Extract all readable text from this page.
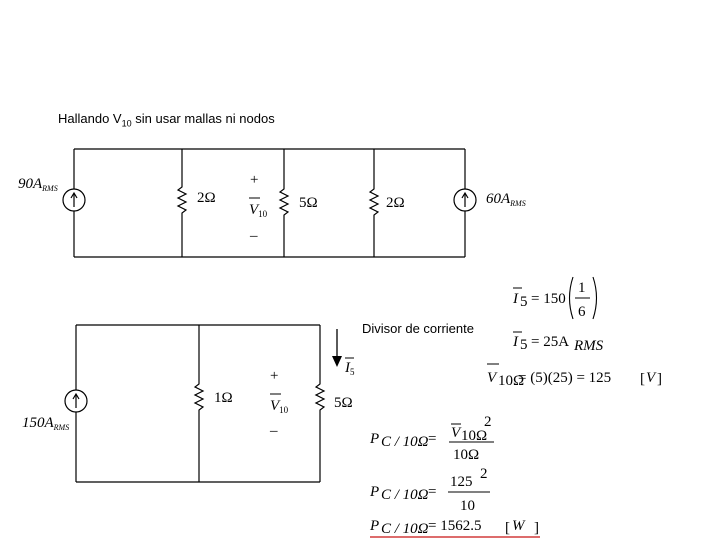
Hallando $V_{10}$ sin usar mallas ni nodos
Divisor de corriente
$90A_{RMS}$
2Ω
+
$V_{10}$
–
5Ω	2Ω	$60A_{RMS}$
$150A_{RMS}$
1Ω
+
$V_{10}$
–
5Ω
$I_5$
I 5 = 150
1
6
I 5 = 25A RMS
V 10Ω
= (5)(25) = 125 [ V ]
P C / 10Ω = V 10Ω
2
10Ω
P C / 10Ω =
125 2
10
P C / 10Ω = 1562.5 [ W ]
